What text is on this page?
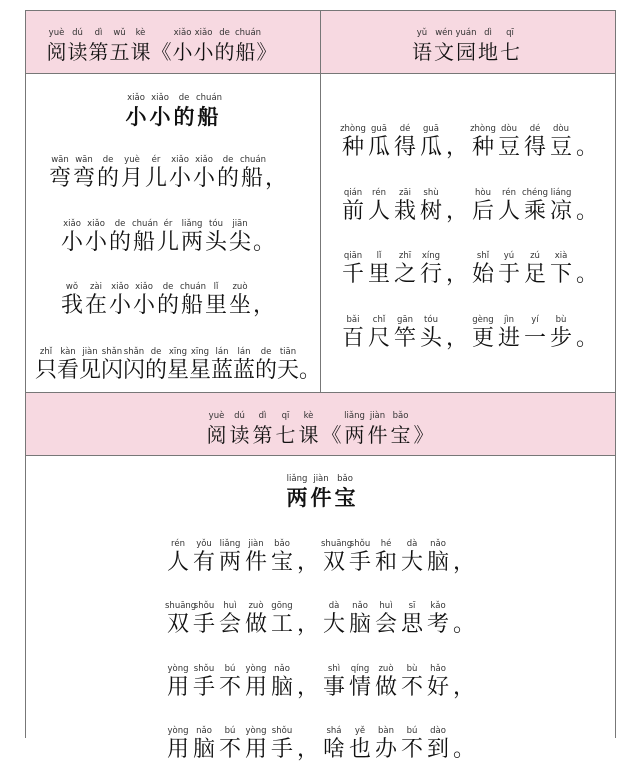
yuè
阅
dú
读
dì
第
wǔ
五
kè
课 《
xiǎo
小
xiǎo
小
de
的
chuán
船 》
yǔ
语
wén
文
yuán
园
dì
地
qī
七
xiǎo
小
xiǎo
小
de
的
chuán
船
wān
弯
wān
弯
de
的
yuè
月
ér
儿
xiǎo
小
xiǎo
小
de
的
chuán
船 ，
xiǎo
小
xiǎo
小
de
的
chuán
船
ér
儿
liǎng
两
tóu
头
jiān
尖 。
wǒ
我
zài
在
xiǎo
小
xiǎo
小
de
的
chuán
船
lǐ
里
zuò
坐 ，
zhǐ
只
kàn
看
jiàn
见
shǎn
闪
shǎn
闪
de
的
xīng
星
xīng
星
lán
蓝
lán
蓝
de
的
tiān
天 。
zhòng
种
guā
瓜
dé
得
guā
瓜 ，
zhòng
种
dòu
豆
dé
得
dòu
豆 。
qián
前
rén
人
zāi
栽
shù
树 ，
hòu
后
rén
人
chéng
乘
liáng
凉 。
qiān
千
lǐ
里
zhī
之
xíng
行 ，
shǐ
始
yú
于
zú
足
xià
下 。
bǎi
百
chǐ
尺
gān
竿
tóu
头 ，
gèng
更
jìn
进
yí
一
bù
步 。
yuè
阅
dú
读
dì
第
qī
七
kè
课 《
liǎng
两
jiàn
件
bǎo
宝 》
liǎng
两
jiàn
件
bǎo
宝
rén
人
yǒu
有
liǎng
两
jiàn
件
bǎo
宝 ，
shuāng
双
shǒu
手
hé
和
dà
大
nǎo
脑 ，
shuāng
双
shǒu
手
huì
会
zuò
做
gōng
工 ，
dà
大
nǎo
脑
huì
会
sī
思
kǎo
考 。
yòng
用
shǒu
手
bú
不
yòng
用
nǎo
脑 ，
shì
事
qíng
情
zuò
做
bù
不
hǎo
好 ，
yòng
用
nǎo
脑
bú
不
yòng
用
shǒu
手 ，
shá
啥
yě
也
bàn
办
bú
不
dào
到 。
